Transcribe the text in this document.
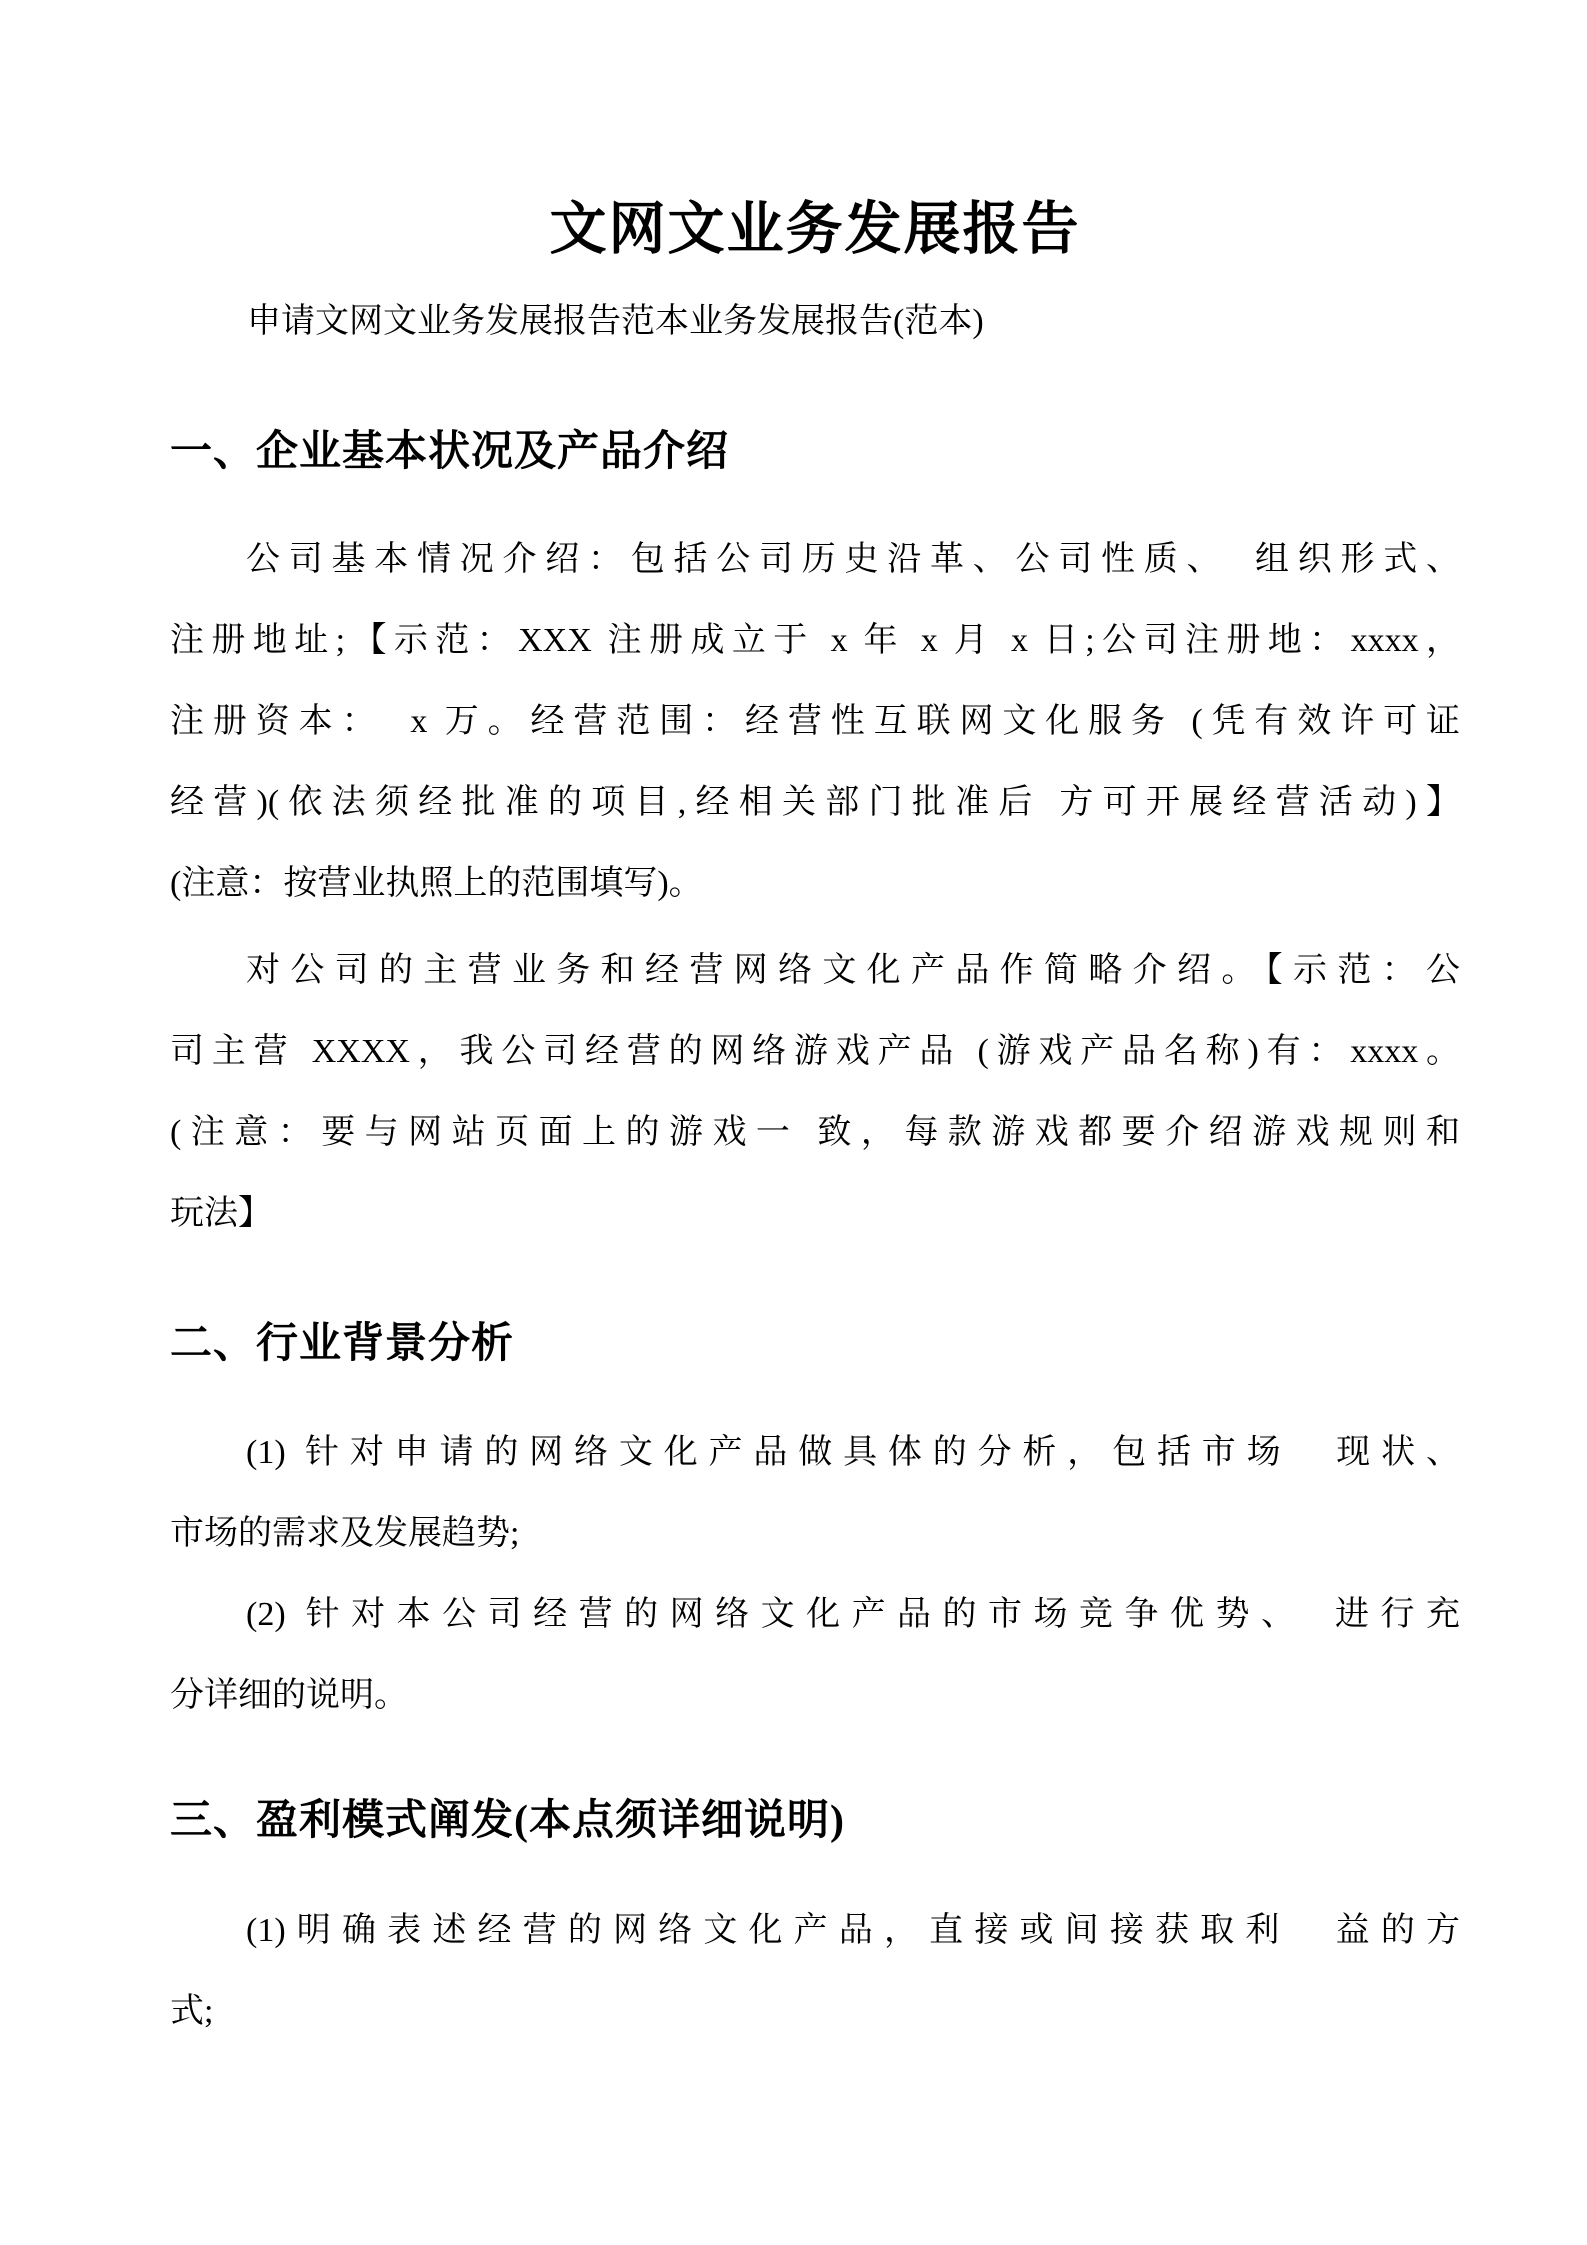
文网文业务发展报告
申请文网文业务发展报告范本业务发展报告(范本)
一、企业基本状况及产品介绍
公司基本情况介绍：包括公司历史沿革、公司性质、　组织形式、
注册地址;【示范：XXX 注册成立于 x 年 x 月 x 日;公司注册地：xxxx，
注册资本：　x 万。经营范围：经营性互联网文化服务 (凭有效许可证
经营)(依法须经批准的项目,经相关部门批准后 方可开展经营活动)】
(注意：按营业执照上的范围填写)。
对公司的主营业务和经营网络文化产品作简略介绍。【示范：公
司主营 XXXX，我公司经营的网络游戏产品 (游戏产品名称)有：xxxx。
(注意：要与网站页面上的游戏一 致，每款游戏都要介绍游戏规则和
玩法】
二、行业背景分析
(1) 针对申请的网络文化产品做具体的分析，包括市场　现状、
市场的需求及发展趋势;
(2) 针对本公司经营的网络文化产品的市场竞争优势、　进行充
分详细的说明。
三、盈利模式阐发(本点须详细说明)
(1)明确表述经营的网络文化产品，直接或间接获取利　益的方
式;
